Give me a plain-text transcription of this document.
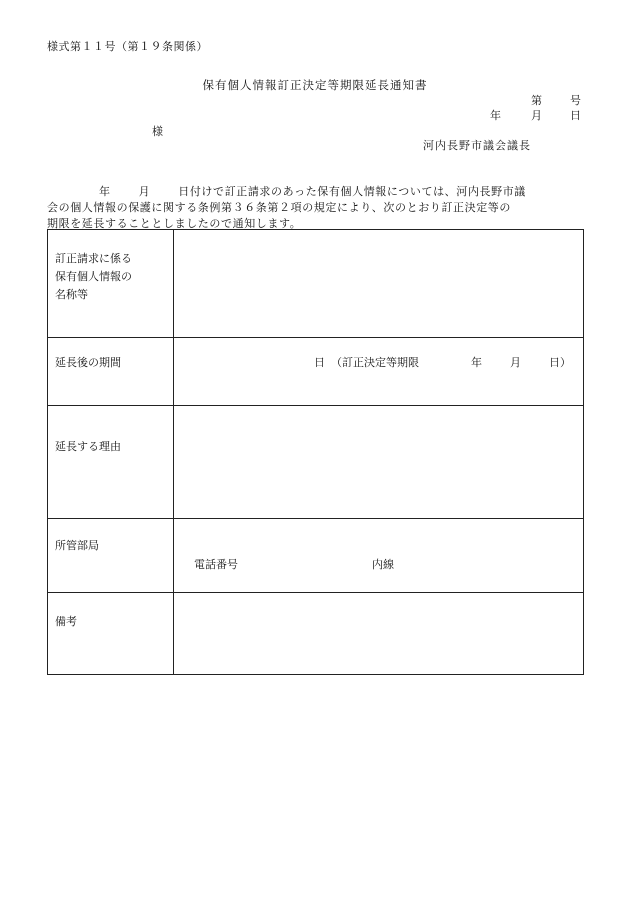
様式第１１号（第１９条関係）
保有個人情報訂正決定等期限延長通知書
第	号
年	月	日
様
河内長野市議会議長
年	月	日付けで訂正請求のあった保有個人情報については、河内長野市議
会の個人情報の保護に関する条例第３６条第２項の規定により、次のとおり訂正決定等の
期限を延長することとしましたので通知します。
訂正請求に係る
保有個人情報の
名称等	

延長後の期間	日 （訂正決定等期限 年 月 日）

延長する理由	

所管部局	電話番号 内線

備考	
